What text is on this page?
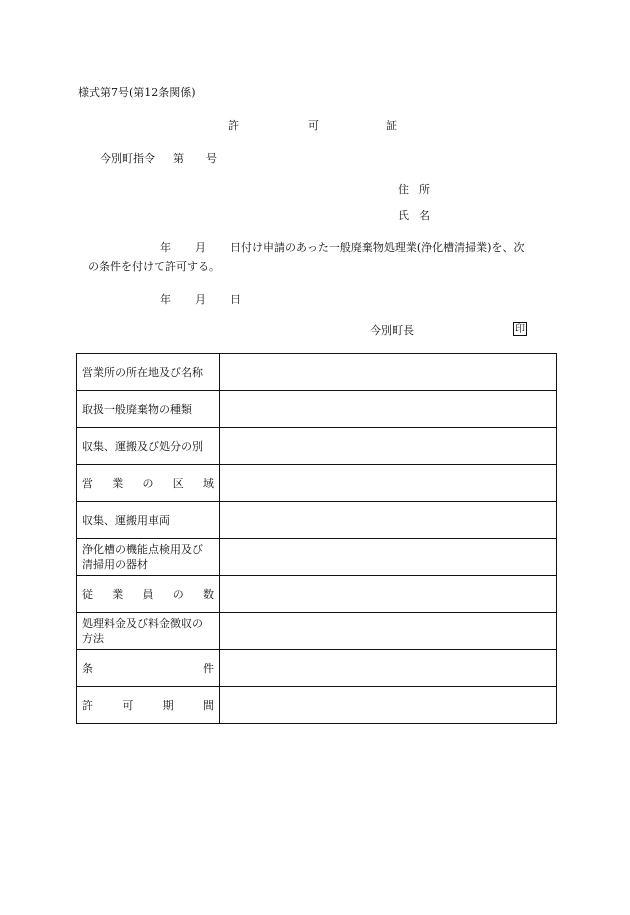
様式第7号(第12条関係)
許	可	証
今別町指令 第 号
住 所
氏 名
年 月 日付け申請のあった一般廃棄物処理業(浄化槽清掃業)を、次
の条件を付けて許可する。
年 月 日
今別町長	印
営業所の所在地及び名称	
取扱一般廃棄物の種類	
収集、運搬及び処分の別	

営 業 の 区 域	

収集、運搬用車両	

浄化槽の機能点検用及び
清掃用の器材	

従 業 員 の 数	

処理料金及び料金徴収の
方法	

条 件	

許 可 期 間	
